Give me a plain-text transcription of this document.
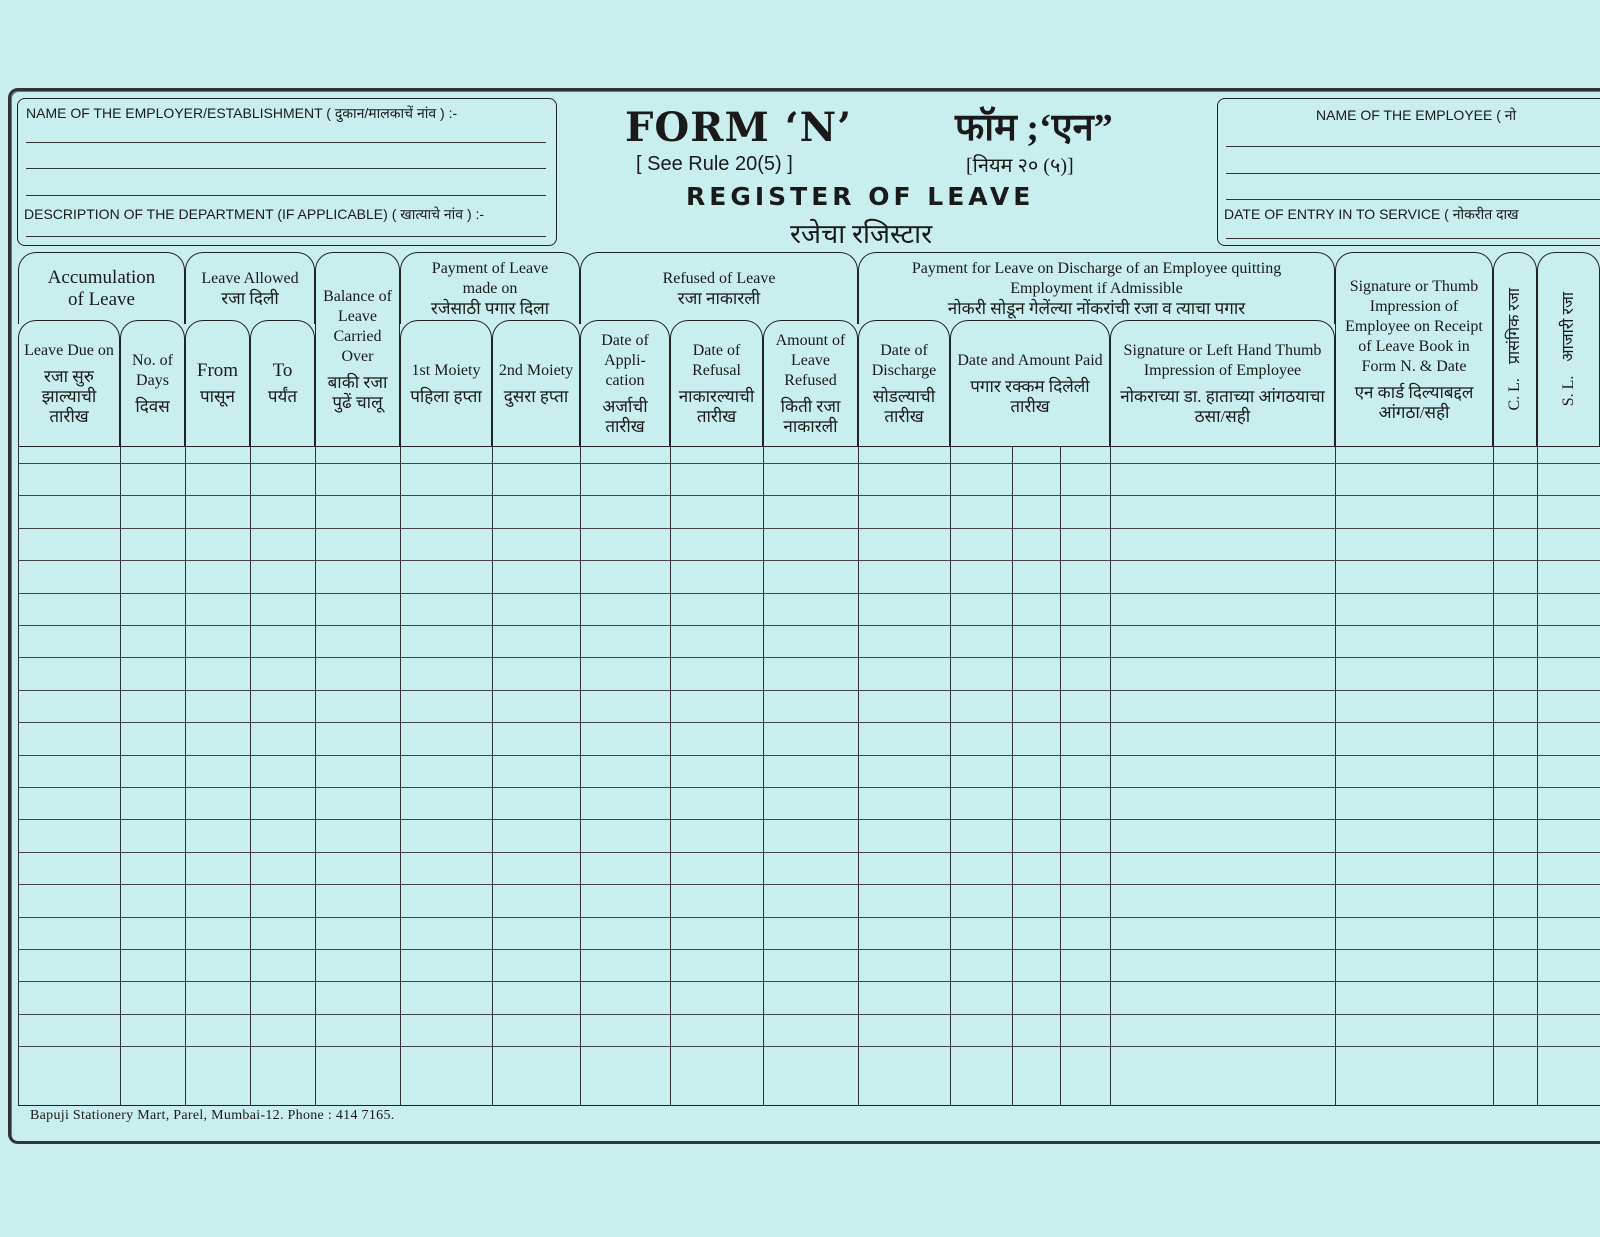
NAME OF THE EMPLOYER/ESTABLISHMENT ( दुकान/मालकाचें नांव ) :-
DESCRIPTION OF THE DEPARTMENT (IF APPLICABLE) ( खात्याचे नांव ) :-
FORM ‘N’	फॉम ;‘एन”
[ See Rule 20(5) ]	[नियम २० (५)]
REGISTER OF LEAVE
रजेचा रजिस्टार
NAME OF THE EMPLOYEE ( नो
DATE OF ENTRY IN TO SERVICE ( नोकरीत दाख
Accumulation of Leave
Leave Allowed
रजा दिली
Payment of Leave made on
रजेसाठी पगार दिला
Refused of Leave
रजा नाकारली
Payment for Leave on Discharge of an Employee quitting Employment if Admissible
नोकरी सोडून गेलेंल्या नोंकरांची रजा व त्याचा पगार
Leave Due on
रजा सुरु झाल्याची तारीख
No. of Days
दिवस
From
पासून
To
पर्यंत
Balance of Leave Carried Over
बाकी रजा पुढें चालू
1st Moiety
पहिला हप्ता
2nd Moiety
दुसरा हप्ता
Date of Appli- cation
अर्जाची तारीख
Date of Refusal
नाकारल्याची तारीख
Amount of Leave Refused
किती रजा नाकारली
Date of Discharge
सोडल्याची तारीख
Date and Amount Paid
पगार रक्कम दिलेली तारीख
Signature or Left Hand Thumb Impression of Employee
नोकराच्या डा. हाताच्या आंगठयाचा ठसा/सही
Signature or Thumb Impression of Employee on Receipt of Leave Book in Form N. & Date
एन कार्ड दिल्याबद्दल आंगठा/सही
C. L.प्रासंगिक रजा
S. L.आजारी रजा
Bapuji Stationery Mart, Parel, Mumbai-12. Phone : 414 7165.
